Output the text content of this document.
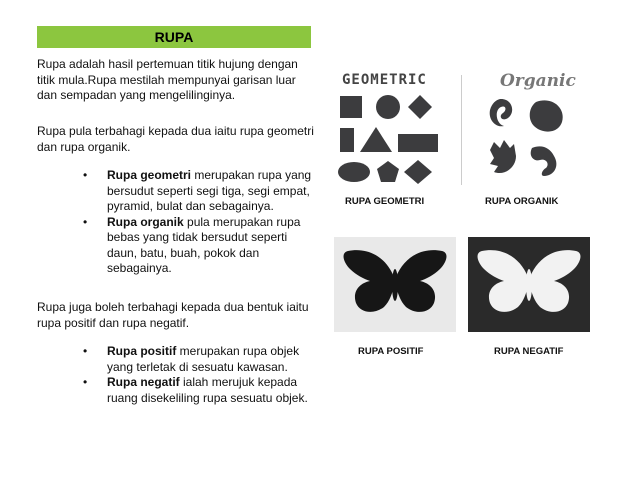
RUPA
Rupa adalah hasil pertemuan titik hujung dengan titik mula.Rupa mestilah mempunyai garisan luar dan sempadan yang mengelilinginya.
Rupa pula terbahagi kepada dua iaitu rupa geometri dan rupa organik.
•	Rupa geometri merupakan rupa yang bersudut seperti segi tiga, segi empat, pyramid, bulat dan sebagainya.
•	Rupa organik pula merupakan rupa bebas yang tidak bersudut seperti daun, batu, buah, pokok dan sebagainya.
Rupa juga boleh terbahagi kepada dua bentuk iaitu rupa positif dan rupa negatif.
•	Rupa positif merupakan rupa objek yang terletak di sesuatu kawasan.
•	Rupa negatif ialah merujuk kepada ruang disekeliling rupa sesuatu objek.
GEOMETRIC	Organic
RUPA GEOMETRI	RUPA ORGANIK
RUPA POSITIF	RUPA NEGATIF
